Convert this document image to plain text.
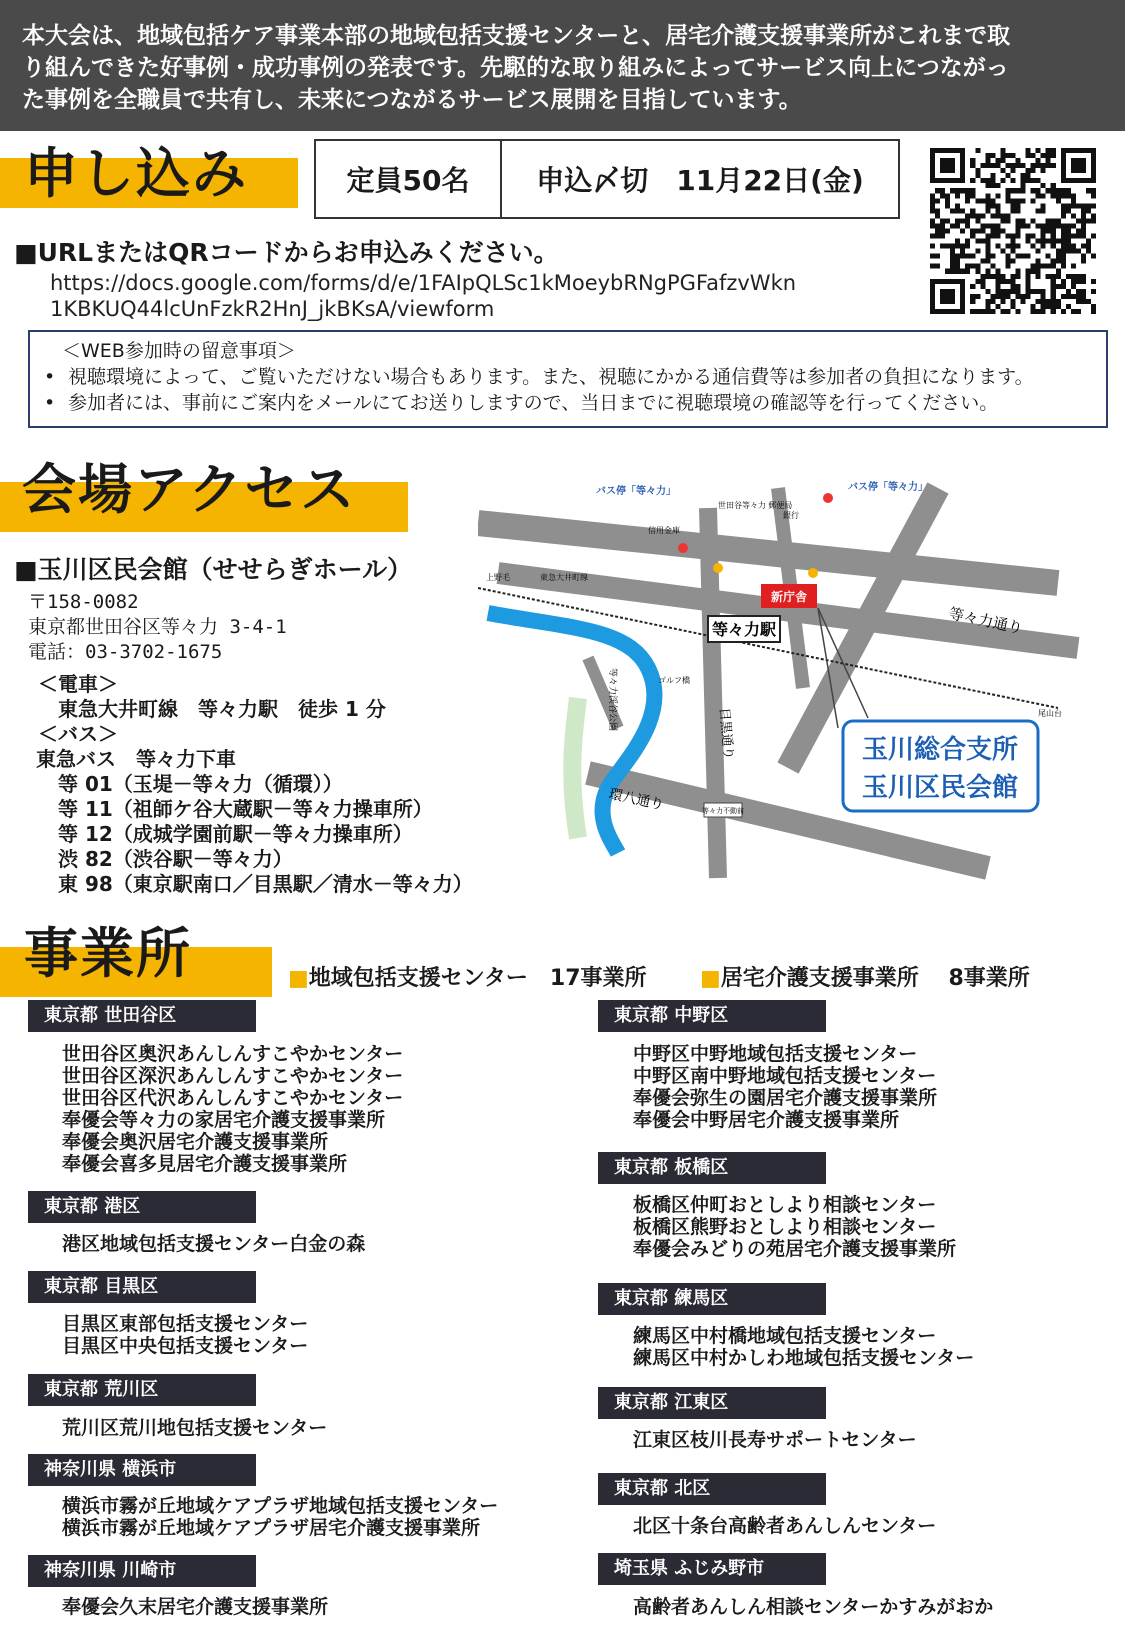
本大会は、地域包括ケア事業本部の地域包括支援センターと、居宅介護支援事業所がこれまで取
り組んできた好事例・成功事例の発表です。先駆的な取り組みによってサービス向上につながっ
た事例を全職員で共有し、未来につながるサービス展開を目指しています。
申し込み	定員50名	申込〆切　11月22日(金)
■URLまたはQRコードからお申込みください。
https://docs.google.com/forms/d/e/1FAIpQLSc1kMoeybRNgPGFafzvWkn
1KBKUQ44lcUnFzkR2HnJ_jkBKsA/viewform
＜WEB参加時の留意事項＞
• 視聴環境によって、ご覧いただけない場合もあります。また、視聴にかかる通信費等は参加者の負担になります。
• 参加者には、事前にご案内をメールにてお送りしますので、当日までに視聴環境の確認等を行ってください。
会場アクセス
■玉川区民会館（せせらぎホール）
〒158-0082
東京都世田谷区等々力 3-4-1
電話：03-3702-1675
＜電車＞
東急大井町線　等々力駅　徒歩 1 分
＜バス＞
東急バス　等々力下車
等 01（玉堤－等々力（循環））
等 11（祖師ケ谷大蔵駅－等々力操車所）
等 12（成城学園前駅－等々力操車所）
渋 82（渋谷駅－等々力）
東 98（東京駅南口／目黒駅／清水－等々力）
等々力駅
新庁舎
バス停「等々力」	バス停「等々力」
信用金庫
世田谷等々力 郵便局
銀行
等々力通り
目黒通り
環八通り
等々力渓谷公園	ゴルフ橋
東急大井町線
上野毛
尾山台
等々力不動前
玉川総合支所
玉川区民会館
事業所	■地域包括支援センター　17事業所 ■居宅介護支援事業所　 8事業所
東京都 世田谷区
世田谷区奥沢あんしんすこやかセンター
世田谷区深沢あんしんすこやかセンター
世田谷区代沢あんしんすこやかセンター
奉優会等々力の家居宅介護支援事業所
奉優会奥沢居宅介護支援事業所
奉優会喜多見居宅介護支援事業所
東京都 港区
港区地域包括支援センター白金の森
東京都 目黒区
目黒区東部包括支援センター
目黒区中央包括支援センター
東京都 荒川区
荒川区荒川地包括支援センター
神奈川県 横浜市
横浜市霧が丘地域ケアプラザ地域包括支援センター
横浜市霧が丘地域ケアプラザ居宅介護支援事業所
神奈川県 川崎市
奉優会久末居宅介護支援事業所
東京都 中野区
中野区中野地域包括支援センター
中野区南中野地域包括支援センター
奉優会弥生の園居宅介護支援事業所
奉優会中野居宅介護支援事業所
東京都 板橋区
板橋区仲町おとしより相談センター
板橋区熊野おとしより相談センター
奉優会みどりの苑居宅介護支援事業所
東京都 練馬区
練馬区中村橋地域包括支援センター
練馬区中村かしわ地域包括支援センター
東京都 江東区
江東区枝川長寿サポートセンター
東京都 北区
北区十条台高齢者あんしんセンター
埼玉県 ふじみ野市
高齢者あんしん相談センターかすみがおか
